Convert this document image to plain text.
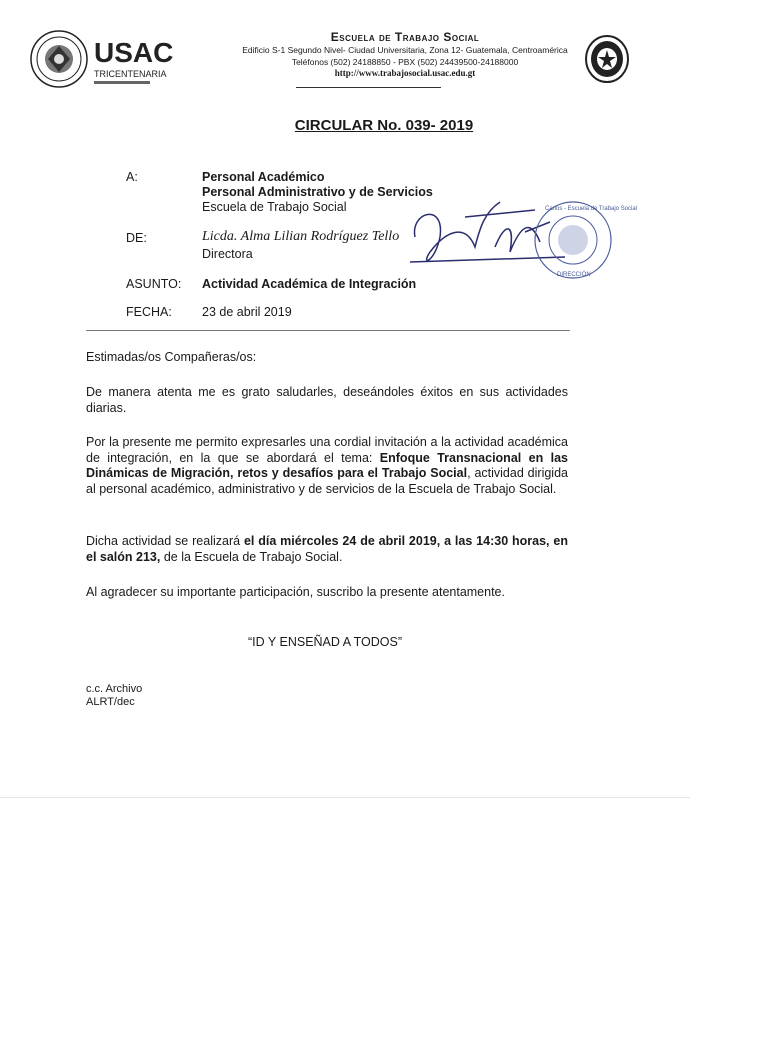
USAC
TRICENTENARIA
Escuela de Trabajo Social
Edificio S-1 Segundo Nivel- Ciudad Universitaria, Zona 12- Guatemala, Centroamérica
Teléfonos (502) 24188850 - PBX (502) 24439500-24188000
http://www.trabajosocial.usac.edu.gt
CIRCULAR No. 039- 2019
A:	Personal Académico
Personal Administrativo y de Servicios
Escuela de Trabajo Social
DE:	Licda. Alma Lilian Rodríguez Tello
Directora
ASUNTO: Actividad Académica de Integración
FECHA: 23 de abril 2019
Carlos - Escuela de Trabajo Social
DIRECCIÓN
Estimadas/os Compañeras/os:
De manera atenta me es grato saludarles, deseándoles éxitos en sus actividades diarias.
Por la presente me permito expresarles una cordial invitación a la actividad académica de integración, en la que se abordará el tema: Enfoque Transnacional en las Dinámicas de Migración, retos y desafíos para el Trabajo Social, actividad dirigida al personal académico, administrativo y de servicios de la Escuela de Trabajo Social.
Dicha actividad se realizará el día miércoles 24 de abril 2019, a las 14:30 horas, en el salón 213, de la Escuela de Trabajo Social.
Al agradecer su importante participación, suscribo la presente atentamente.
“ID Y ENSEÑAD A TODOS”
c.c. Archivo
ALRT/dec
